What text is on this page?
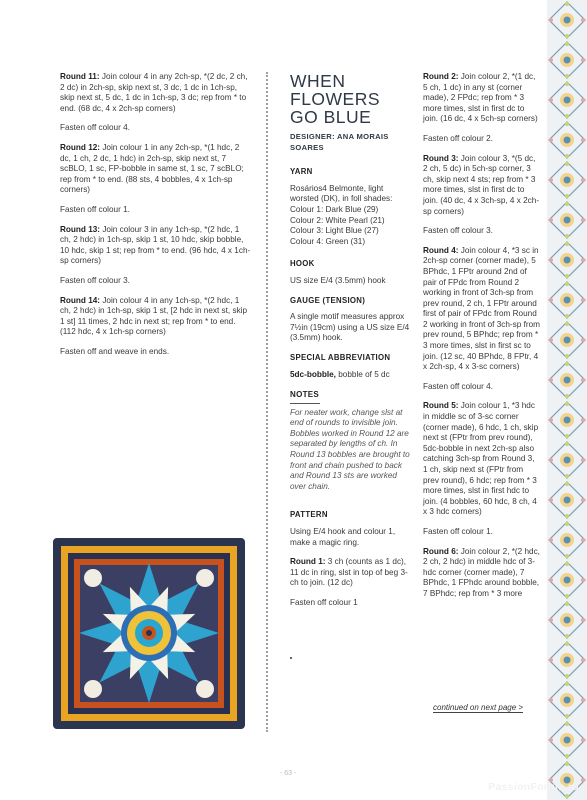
Round 11: Join colour 4 in any 2ch-sp, *(2 dc, 2 ch, 2 dc) in 2ch-sp, skip next st, 3 dc, 1 dc in 1ch-sp, skip next st, 5 dc, 1 dc in 1ch-sp, 3 dc; rep from * to end. (68 dc, 4 x 2ch-sp corners)

Fasten off colour 4.

Round 12: Join colour 1 in any 2ch-sp, *(1 hdc, 2 dc, 1 ch, 2 dc, 1 hdc) in 2ch-sp, skip next st, 7 scBLO, 1 sc, FP-bobble in same st, 1 sc, 7 scBLO; rep from * to end. (88 sts, 4 bobbles, 4 x 1ch-sp corners)

Fasten off colour 1.

Round 13: Join colour 3 in any 1ch-sp, *(2 hdc, 1 ch, 2 hdc) in 1ch-sp, skip 1 st, 10 hdc, skip bobble, 10 hdc, skip 1 st; rep from * to end. (96 hdc, 4 x 1ch-sp corners)

Fasten off colour 3.

Round 14: Join colour 4 in any 1ch-sp, *(2 hdc, 1 ch, 2 hdc) in 1ch-sp, skip 1 st, [2 hdc in next st, skip 1 st] 11 times, 2 hdc in next st; rep from * to end. (112 hdc, 4 x 1ch-sp corners)

Fasten off and weave in ends.

WHEN
FLOWERS
GO BLUE
DESIGNER: ANA MORAIS SOARES
YARN

Rosários4 Belmonte, light worsted (DK), in foll shades:

Colour 1: Dark Blue (29)
Colour 2: White Pearl (21)
Colour 3: Light Blue (27)
Colour 4: Green (31)
HOOK

US size E/4 (3.5mm) hook

GAUGE (TENSION)

A single motif measures approx 7½in (19cm) using a US size E/4 (3.5mm) hook.

SPECIAL ABBREVIATION

5dc-bobble, bobble of 5 dc

NOTES

For neater work, change slst at end of rounds to invisible join. Bobbles worked in Round 12 are separated by lengths of ch. In Round 13 bobbles are brought to front and chain pushed to back and Round 13 sts are worked over chain.

PATTERN

Using E/4 hook and colour 1, make a magic ring.

Round 1: 3 ch (counts as 1 dc), 11 dc in ring, slst in top of beg 3-ch to join. (12 dc)

Fasten off colour 1

Round 2: Join colour 2, *(1 dc, 5 ch, 1 dc) in any st (corner made), 2 FPdc; rep from * 3 more times, slst in first dc to join. (16 dc, 4 x 5ch-sp corners)

Fasten off colour 2.

Round 3: Join colour 3, *(5 dc, 2 ch, 5 dc) in 5ch-sp corner, 3 ch, skip next 4 sts; rep from * 3 more times, slst in first dc to join. (40 dc, 4 x 3ch-sp, 4 x 2ch-sp corners)

Fasten off colour 3.

Round 4: Join colour 4, *3 sc in 2ch-sp corner (corner made), 5 BPhdc, 1 FPtr around 2nd of pair of FPdc from Round 2 working in front of 3ch-sp from prev round, 2 ch, 1 FPtr around first of pair of FPdc from Round 2 working in front of 3ch-sp from prev round, 5 BPhdc; rep from * 3 more times, slst in first sc to join. (12 sc, 40 BPhdc, 8 FPtr, 4 x 2ch-sp, 4 x 3-sc corners)

Fasten off colour 4.

Round 5: Join colour 1, *3 hdc in middle sc of 3-sc corner (corner made), 6 hdc, 1 ch, skip next st (FPtr from prev round), 5dc-bobble in next 2ch-sp also catching 3ch-sp from Round 3, 1 ch, skip next st (FPtr from prev round), 6 hdc; rep from * 3 more times, slst in first hdc to join. (4 bobbles, 60 hdc, 8 ch, 4 x 3 hdc corners)

Fasten off colour 1.

Round 6: Join colour 2, *(2 hdc, 2 ch, 2 hdc) in middle hdc of 3-hdc corner (corner made), 7 BPhdc, 1 FPhdc around bobble, 7 BPhdc; rep from * 3 more

continued on next page >
- 63 -
PassionForum.ru
